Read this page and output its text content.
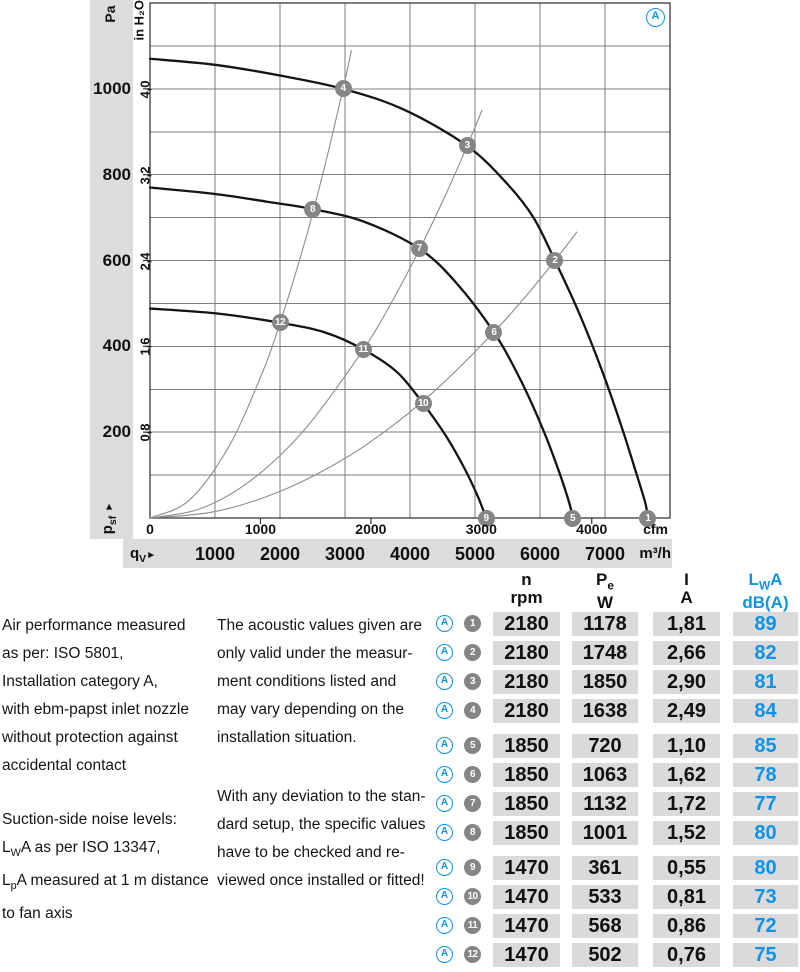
1
2
3
4
5
6
7
8
9
10
11
12
200
400
600
800
1000
0,8
1,6
2,4
3,2
4,0
0	1000	2000	3000	4000
1000	2000	3000	4000	5000	6000	7000
Pa in H₂O
$p_{sf}$ ►
$q_V►$
cfm
m³/h
A
Air performance measured
as per: ISO 5801,
Installation category A,
with ebm-papst inlet nozzle
without protection against
accidental contact
Suction-side noise levels:
$L_WA$ as per ISO 13347,
$L_pA$ measured at 1 m distance
to fan axis
The acoustic values given are
only valid under the measur-
ment conditions listed and
may vary depending on the
installation situation.
With any deviation to the stan-
dard setup, the specific values
have to be checked and re-
viewed once installed or fitted!
n
rpm
$P_e$
W
I
A
$L_WA$
dB(A)
A	1	2180	1178	1,81	89
A	2	2180	1748	2,66	82
A	3	2180	1850	2,90	81
A	4	2180	1638	2,49	84
A	5	1850	720	1,10	85
A	6	1850	1063	1,62	78
A	7	1850	1132	1,72	77
A	8	1850	1001	1,52	80
A	9	1470	361	0,55	80
A	10	1470	533	0,81	73
A	11	1470	568	0,86	72
A	12	1470	502	0,76	75
